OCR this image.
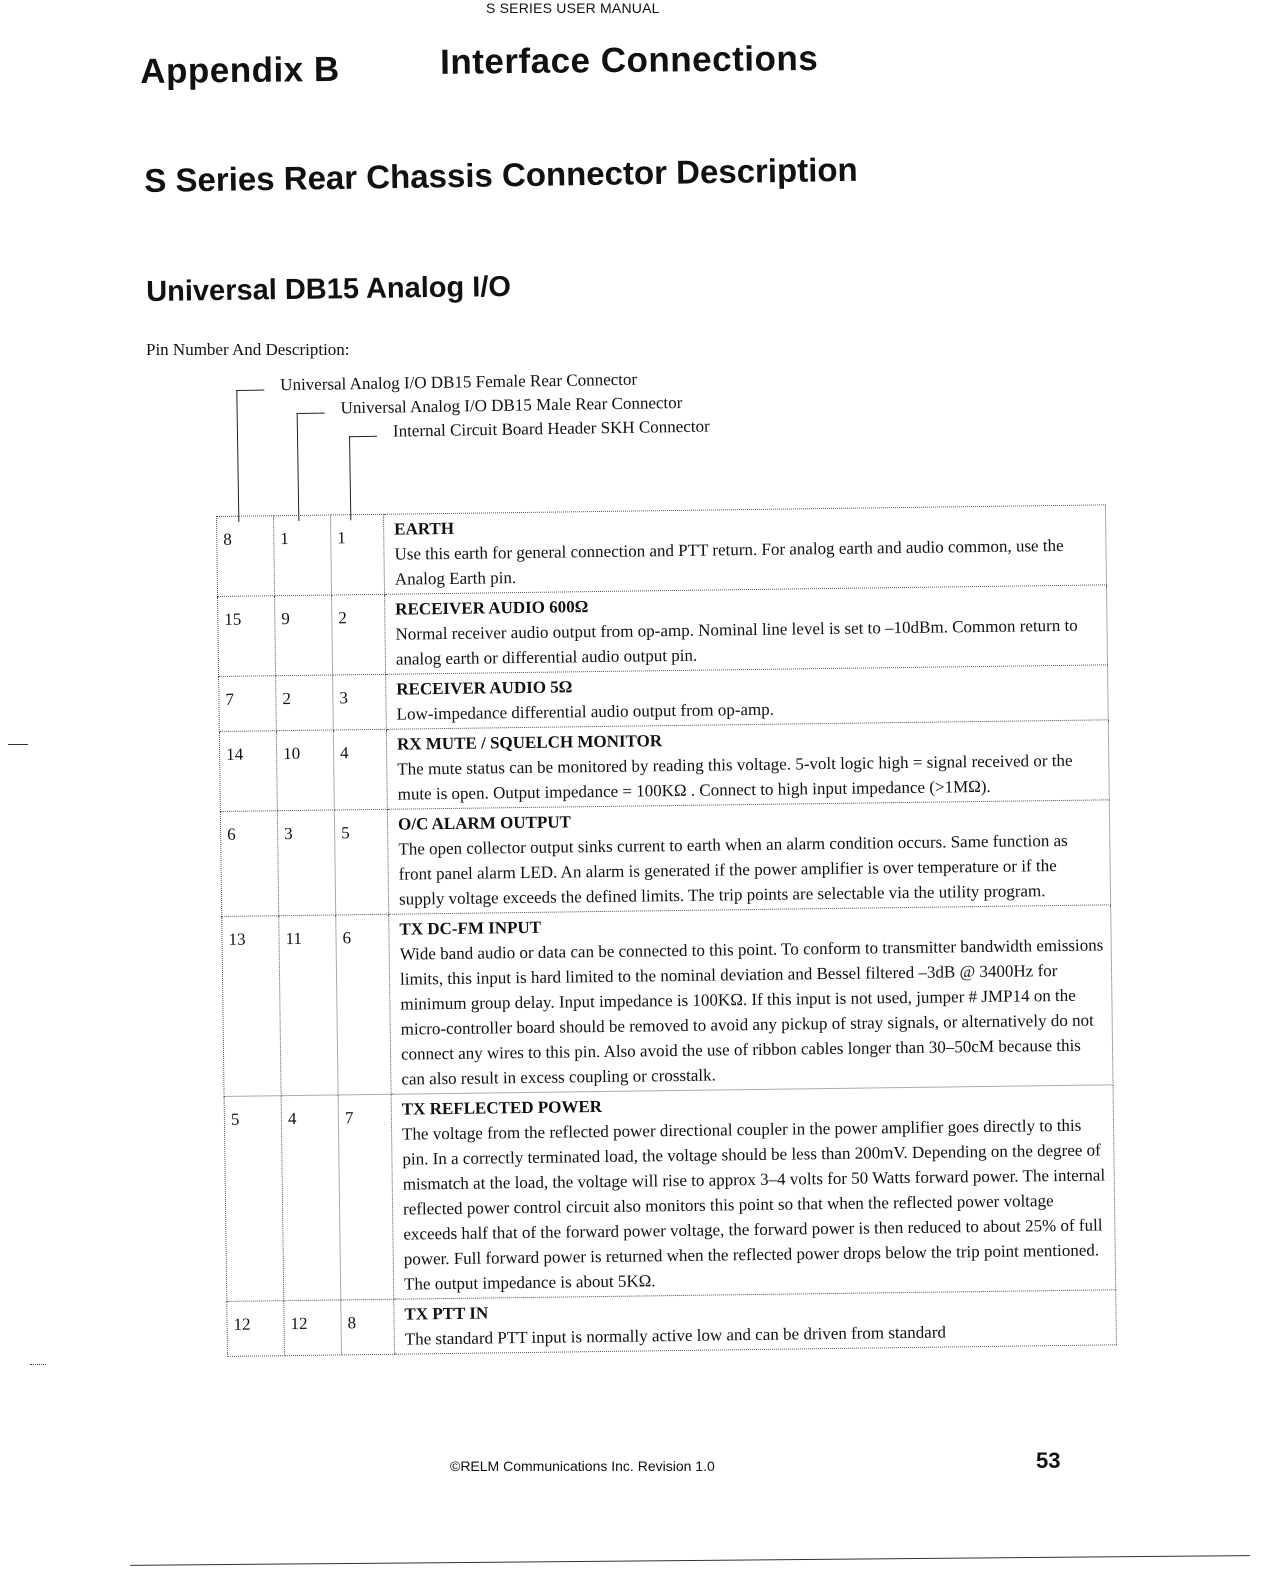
S SERIES USER MANUAL
Appendix B	Interface Connections
S Series Rear Chassis Connector Description
Universal DB15 Analog I/O
Pin Number And Description:
Universal Analog I/O DB15 Female Rear Connector
Universal Analog I/O DB15 Male Rear Connector
Internal Circuit Board Header SKH Connector
8	1	1	EARTH
Use this earth for general connection and PTT return. For analog earth and audio common, use the Analog Earth pin.

15	9	2	RECEIVER AUDIO 600Ω
Normal receiver audio output from op-amp. Nominal line level is set to –10dBm. Common return to analog earth or differential audio output pin.

7	2	3	RECEIVER AUDIO 5Ω
Low-impedance differential audio output from op-amp.

14	10	4	RX MUTE / SQUELCH MONITOR
The mute status can be monitored by reading this voltage. 5-volt logic high = signal received or the mute is open. Output impedance = 100KΩ . Connect to high input impedance (>1MΩ).

6	3	5	O/C ALARM OUTPUT
The open collector output sinks current to earth when an alarm condition occurs. Same function as front panel alarm LED. An alarm is generated if the power amplifier is over temperature or if the supply voltage exceeds the defined limits. The trip points are selectable via the utility program.

13	11	6	TX DC-FM INPUT
Wide band audio or data can be connected to this point. To conform to transmitter bandwidth emissions limits, this input is hard limited to the nominal deviation and Bessel filtered –3dB @ 3400Hz for minimum group delay. Input impedance is 100KΩ. If this input is not used, jumper # JMP14 on the micro-controller board should be removed to avoid any pickup of stray signals, or alternatively do not connect any wires to this pin. Also avoid the use of ribbon cables longer than 30–50cM because this can also result in excess coupling or crosstalk.

5	4	7	TX REFLECTED POWER
The voltage from the reflected power directional coupler in the power amplifier goes directly to this pin. In a correctly terminated load, the voltage should be less than 200mV. Depending on the degree of mismatch at the load, the voltage will rise to approx 3–4 volts for 50 Watts forward power. The internal reflected power control circuit also monitors this point so that when the reflected power voltage exceeds half that of the forward power voltage, the forward power is then reduced to about 25% of full power. Full forward power is returned when the reflected power drops below the trip point mentioned. The output impedance is about 5KΩ.

12	12	8	TX PTT IN
The standard PTT input is normally active low and can be driven from standard
©RELM Communications Inc. Revision 1.0	53
